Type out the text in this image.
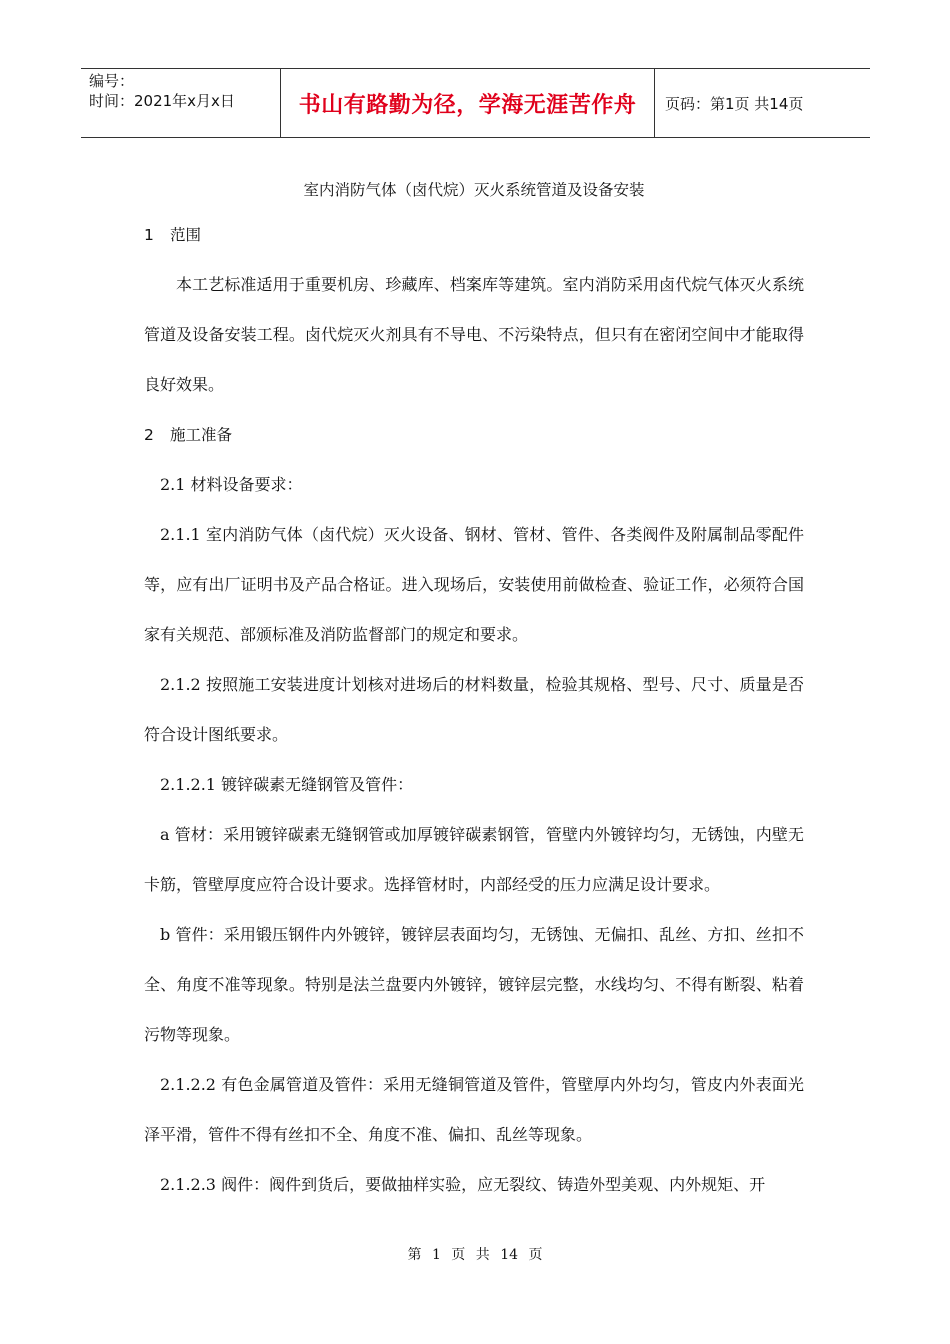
编号：
时间：2021年x月x日	书山有路勤为径，学海无涯苦作舟	页码：第1页 共14页
室内消防气体（卤代烷）灭火系统管道及设备安装
1 范围

本工艺标准适用于重要机房、珍藏库、档案库等建筑。室内消防采用卤代烷气体灭火系统管道及设备安装工程。卤代烷灭火剂具有不导电、不污染特点，但只有在密闭空间中才能取得良好效果。

2 施工准备

2.1 材料设备要求：

2.1.1 室内消防气体（卤代烷）灭火设备、钢材、管材、管件、各类阀件及附属制品零配件等，应有出厂证明书及产品合格证。进入现场后，安装使用前做检查、验证工作，必须符合国家有关规范、部颁标准及消防监督部门的规定和要求。

2.1.2 按照施工安装进度计划核对进场后的材料数量，检验其规格、型号、尺寸、质量是否符合设计图纸要求。

2.1.2.1 镀锌碳素无缝钢管及管件：

a 管材：采用镀锌碳素无缝钢管或加厚镀锌碳素钢管，管壁内外镀锌均匀，无锈蚀，内壁无卡筋，管壁厚度应符合设计要求。选择管材时，内部经受的压力应满足设计要求。

b 管件：采用锻压钢件内外镀锌，镀锌层表面均匀，无锈蚀、无偏扣、乱丝、方扣、丝扣不全、角度不准等现象。特别是法兰盘要内外镀锌，镀锌层完整，水线均匀、不得有断裂、粘着污物等现象。

2.1.2.2 有色金属管道及管件：采用无缝铜管道及管件，管壁厚内外均匀，管皮内外表面光泽平滑，管件不得有丝扣不全、角度不准、偏扣、乱丝等现象。

2.1.2.3 阀件：阀件到货后，要做抽样实验，应无裂纹、铸造外型美观、内外规矩、开

第 1 页 共 14 页
